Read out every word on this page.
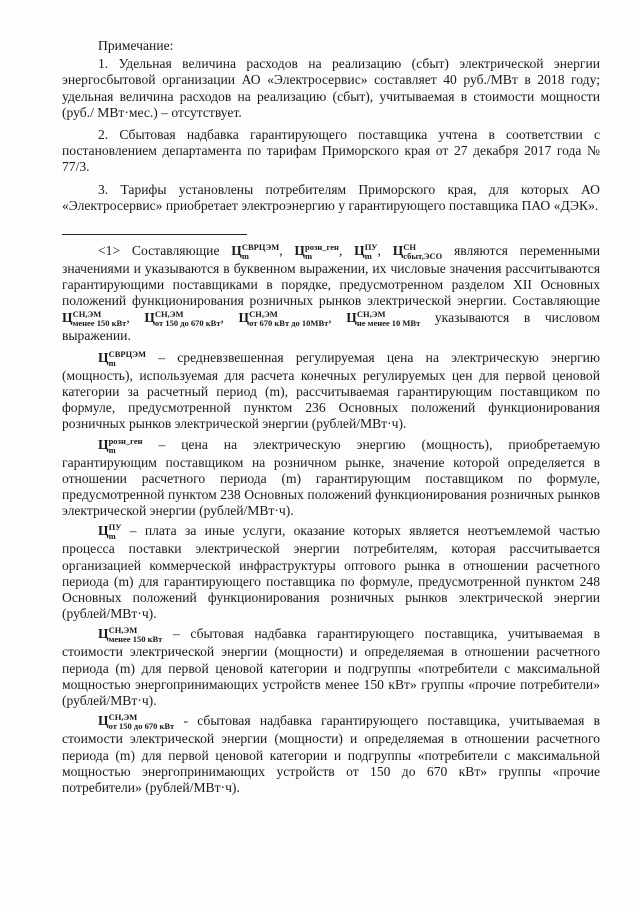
Примечание:

1. Удельная величина расходов на реализацию (сбыт) электрической энергии энергосбытовой организации АО «Электросервис» составляет 40 руб./МВт в 2018 году; удельная величина расходов на реализацию (сбыт), учитываемая в стоимости мощности (руб./ МВт·мес.) – отсутствует.

2. Сбытовая надбавка гарантирующего поставщика учтена в соответствии с постановлением департамента по тарифам Приморского края от 27 декабря 2017 года № 77/3.

3. Тарифы установлены потребителям Приморского края, для которых АО «Электросервис» приобретает электроэнергию у гарантирующего поставщика ПАО «ДЭК».

<1> Составляющие Ц СВРЦЭМ
m	, Ц розн_ген
m	, Ц ПУ
m , Ц СН
сбыт,ЭСО являются переменными значениями и указываются в буквенном выражении, их числовые значения рассчитываются гарантирующими поставщиками в порядке, предусмотренном разделом XII Основных положений функционирования розничных рынков электрической энергии. Составляющие Ц СН,ЭМ
менее 150 кВт , Ц СН,ЭМ
от 150 до 670 кВт , Ц СН,ЭМ
от 670 кВт до 10МВт , Ц СН,ЭМ
не менее 10 МВт указываются в числовом выражении.

Ц СВРЦЭМ
m	– средневзвешенная регулируемая цена на электрическую энергию (мощность), используемая для расчета конечных регулируемых цен для первой ценовой категории за расчетный период (m), рассчитываемая гарантирующим поставщиком по формуле, предусмотренной пунктом 236 Основных положений функционирования розничных рынков электрической энергии (рублей/МВт·ч).

Ц розн_ген
m	– цена на электрическую энергию (мощность), приобретаемую гарантирующим поставщиком на розничном рынке, значение которой определяется в отношении расчетного периода (m) гарантирующим поставщиком по формуле, предусмотренной пунктом 238 Основных положений функционирования розничных рынков электрической энергии (рублей/МВт·ч).

Ц ПУ
m	– плата за иные услуги, оказание которых является неотъемлемой частью процесса поставки электрической энергии потребителям, которая рассчитывается организацией коммерческой инфраструктуры оптового рынка в отношении расчетного периода (m) для гарантирующего поставщика по формуле, предусмотренной пунктом 248 Основных положений функционирования розничных рынков электрической энергии (рублей/МВт·ч).

Ц СН,ЭМ
менее 150 кВт – сбытовая надбавка гарантирующего поставщика, учитываемая в стоимости электрической энергии (мощности) и определяемая в отношении расчетного периода (m) для первой ценовой категории и подгруппы «потребители с максимальной мощностью энергопринимающих устройств менее 150 кВт» группы «прочие потребители» (рублей/МВт·ч).

Ц СН,ЭМ
от 150 до 670 кВт - сбытовая надбавка гарантирующего поставщика, учитываемая в стоимости электрической энергии (мощности) и определяемая в отношении расчетного периода (m) для первой ценовой категории и подгруппы «потребители с максимальной мощностью энергопринимающих устройств от 150 до 670 кВт» группы «прочие потребители» (рублей/МВт·ч).
